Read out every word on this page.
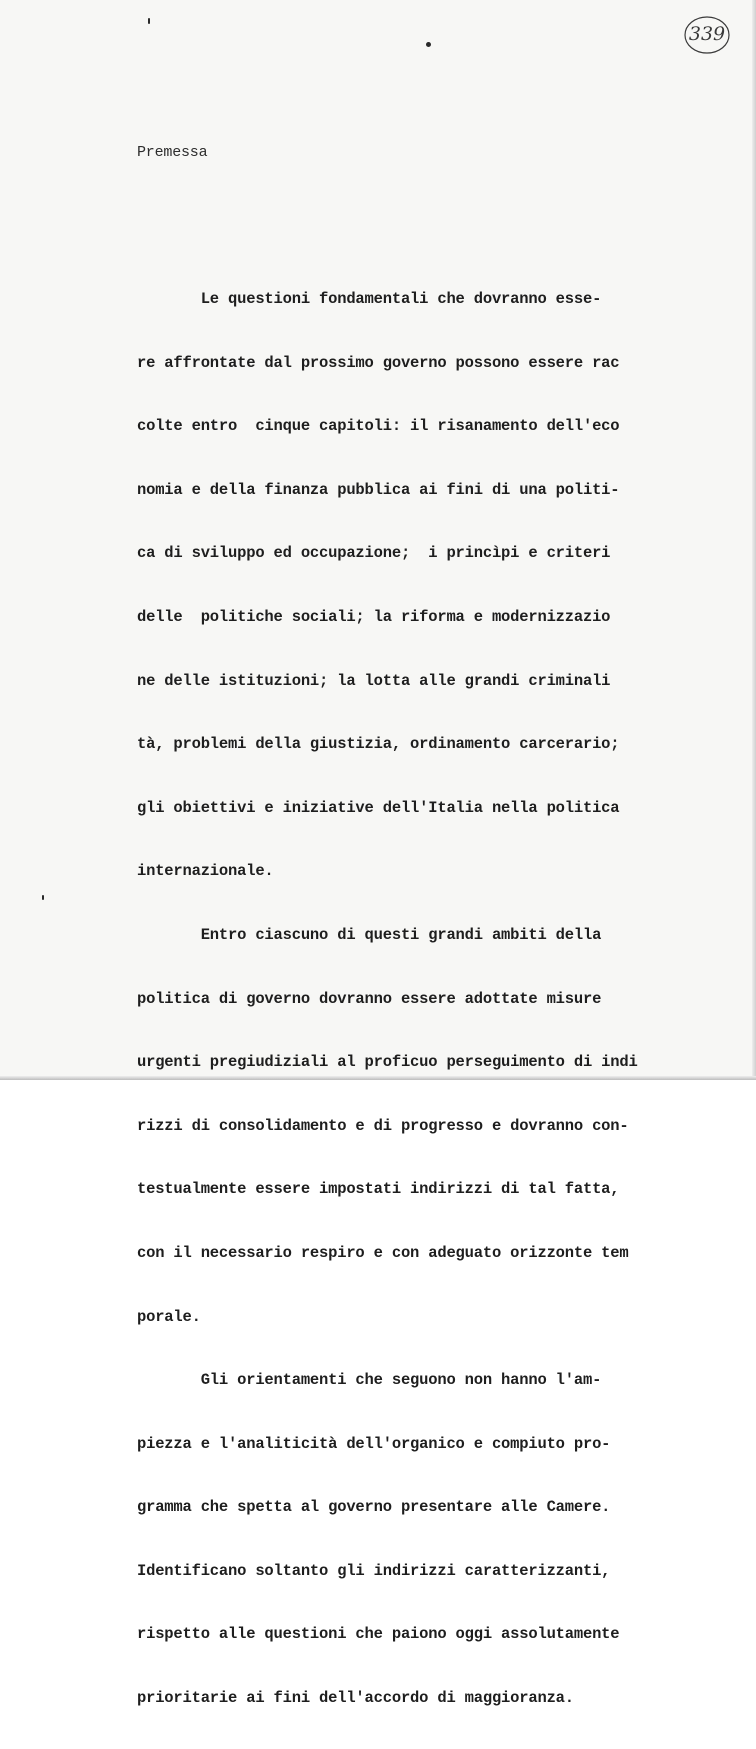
339
Premessa

Le questioni fondamentali che dovranno esse-

re affrontate dal prossimo governo possono essere rac

colte entro  cinque capitoli: il risanamento dell'eco

nomia e della finanza pubblica ai fini di una politi-

ca di sviluppo ed occupazione;  i princìpi e criteri

delle  politiche sociali; la riforma e modernizzazio

ne delle istituzioni; la lotta alle grandi criminali

tà, problemi della giustizia, ordinamento carcerario;

gli obiettivi e iniziative dell'Italia nella politica

internazionale.

Entro ciascuno di questi grandi ambiti della

politica di governo dovranno essere adottate misure

urgenti pregiudiziali al proficuo perseguimento di indi

rizzi di consolidamento e di progresso e dovranno con-

testualmente essere impostati indirizzi di tal fatta,

con il necessario respiro e con adeguato orizzonte tem

porale.

Gli orientamenti che seguono non hanno l'am-

piezza e l'analiticità dell'organico e compiuto pro-

gramma che spetta al governo presentare alle Camere.

Identificano soltanto gli indirizzi caratterizzanti,

rispetto alle questioni che paiono oggi assolutamente

prioritarie ai fini dell'accordo di maggioranza.
